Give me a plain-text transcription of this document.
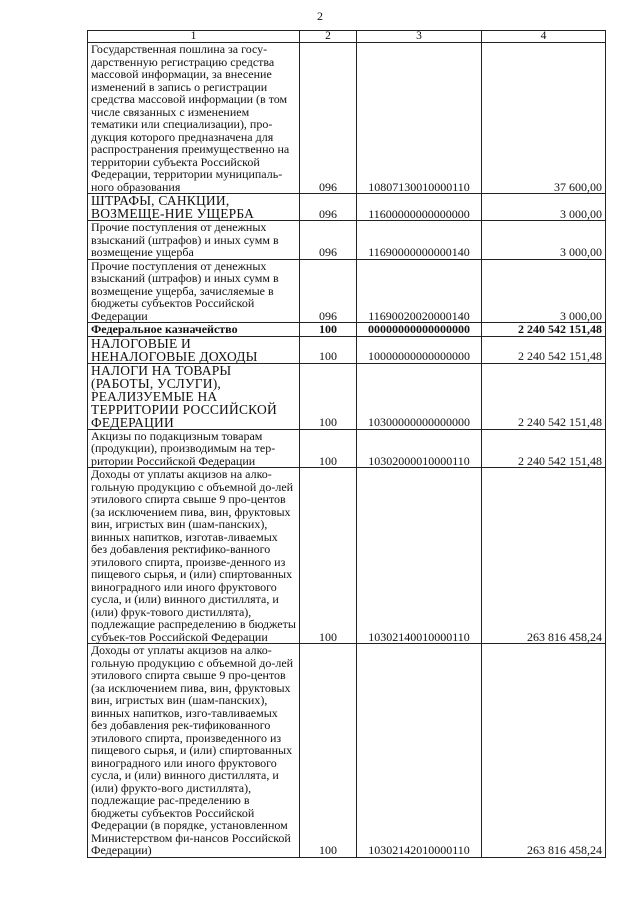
2
1	2	3	4
Государственная пошлина за госу-дарственную регистрацию средства массовой информации, за внесение изменений в запись о регистрации средства массовой информации (в том числе связанных с изменением тематики или специализации), про-дукция которого предназначена для распространения преимущественно на территории субъекта Российской Федерации, территории муниципаль-ного образования	096	10807130010000110	37 600,00
ШТРАФЫ, САНКЦИИ, ВОЗМЕЩЕ-НИЕ УЩЕРБА	096	11600000000000000	3 000,00
Прочие поступления от денежных взысканий (штрафов) и иных сумм в возмещение ущерба	096	11690000000000140	3 000,00
Прочие поступления от денежных взысканий (штрафов) и иных сумм в возмещение ущерба, зачисляемые в бюджеты субъектов Российской Федерации	096	11690020020000140	3 000,00
Федеральное казначейство	100	00000000000000000	2 240 542 151,48
НАЛОГОВЫЕ И НЕНАЛОГОВЫЕ ДОХОДЫ	100	10000000000000000	2 240 542 151,48
НАЛОГИ НА ТОВАРЫ (РАБОТЫ, УСЛУГИ), РЕАЛИЗУЕМЫЕ НА ТЕРРИТОРИИ РОССИЙСКОЙ ФЕДЕРАЦИИ	100	10300000000000000	2 240 542 151,48
Акцизы по подакцизным товарам (продукции), производимым на тер-ритории Российской Федерации	100	10302000010000110	2 240 542 151,48
Доходы от уплаты акцизов на алко-гольную продукцию с объемной до-лей этилового спирта свыше 9 про-центов (за исключением пива, вин, фруктовых вин, игристых вин (шам-панских), винных напитков, изготав-ливаемых без добавления ректифико-ванного этилового спирта, произве-денного из пищевого сырья, и (или) спиртованных виноградного или иного фруктового сусла, и (или) винного дистиллята, и (или) фрук-тового дистиллята), подлежащие распределению в бюджеты субъек-тов Российской Федерации	100	10302140010000110	263 816 458,24
Доходы от уплаты акцизов на алко-гольную продукцию с объемной до-лей этилового спирта свыше 9 про-центов (за исключением пива, вин, фруктовых вин, игристых вин (шам-панских), винных напитков, изго-тавливаемых без добавления рек-тификованного этилового спирта, произведенного из пищевого сырья, и (или) спиртованных виноградного или иного фруктового сусла, и (или) винного дистиллята, и (или) фрукто-вого дистиллята), подлежащие рас-пределению в бюджеты субъектов Российской Федерации (в порядке, установленном Министерством фи-нансов Российской Федерации)	100	10302142010000110	263 816 458,24
